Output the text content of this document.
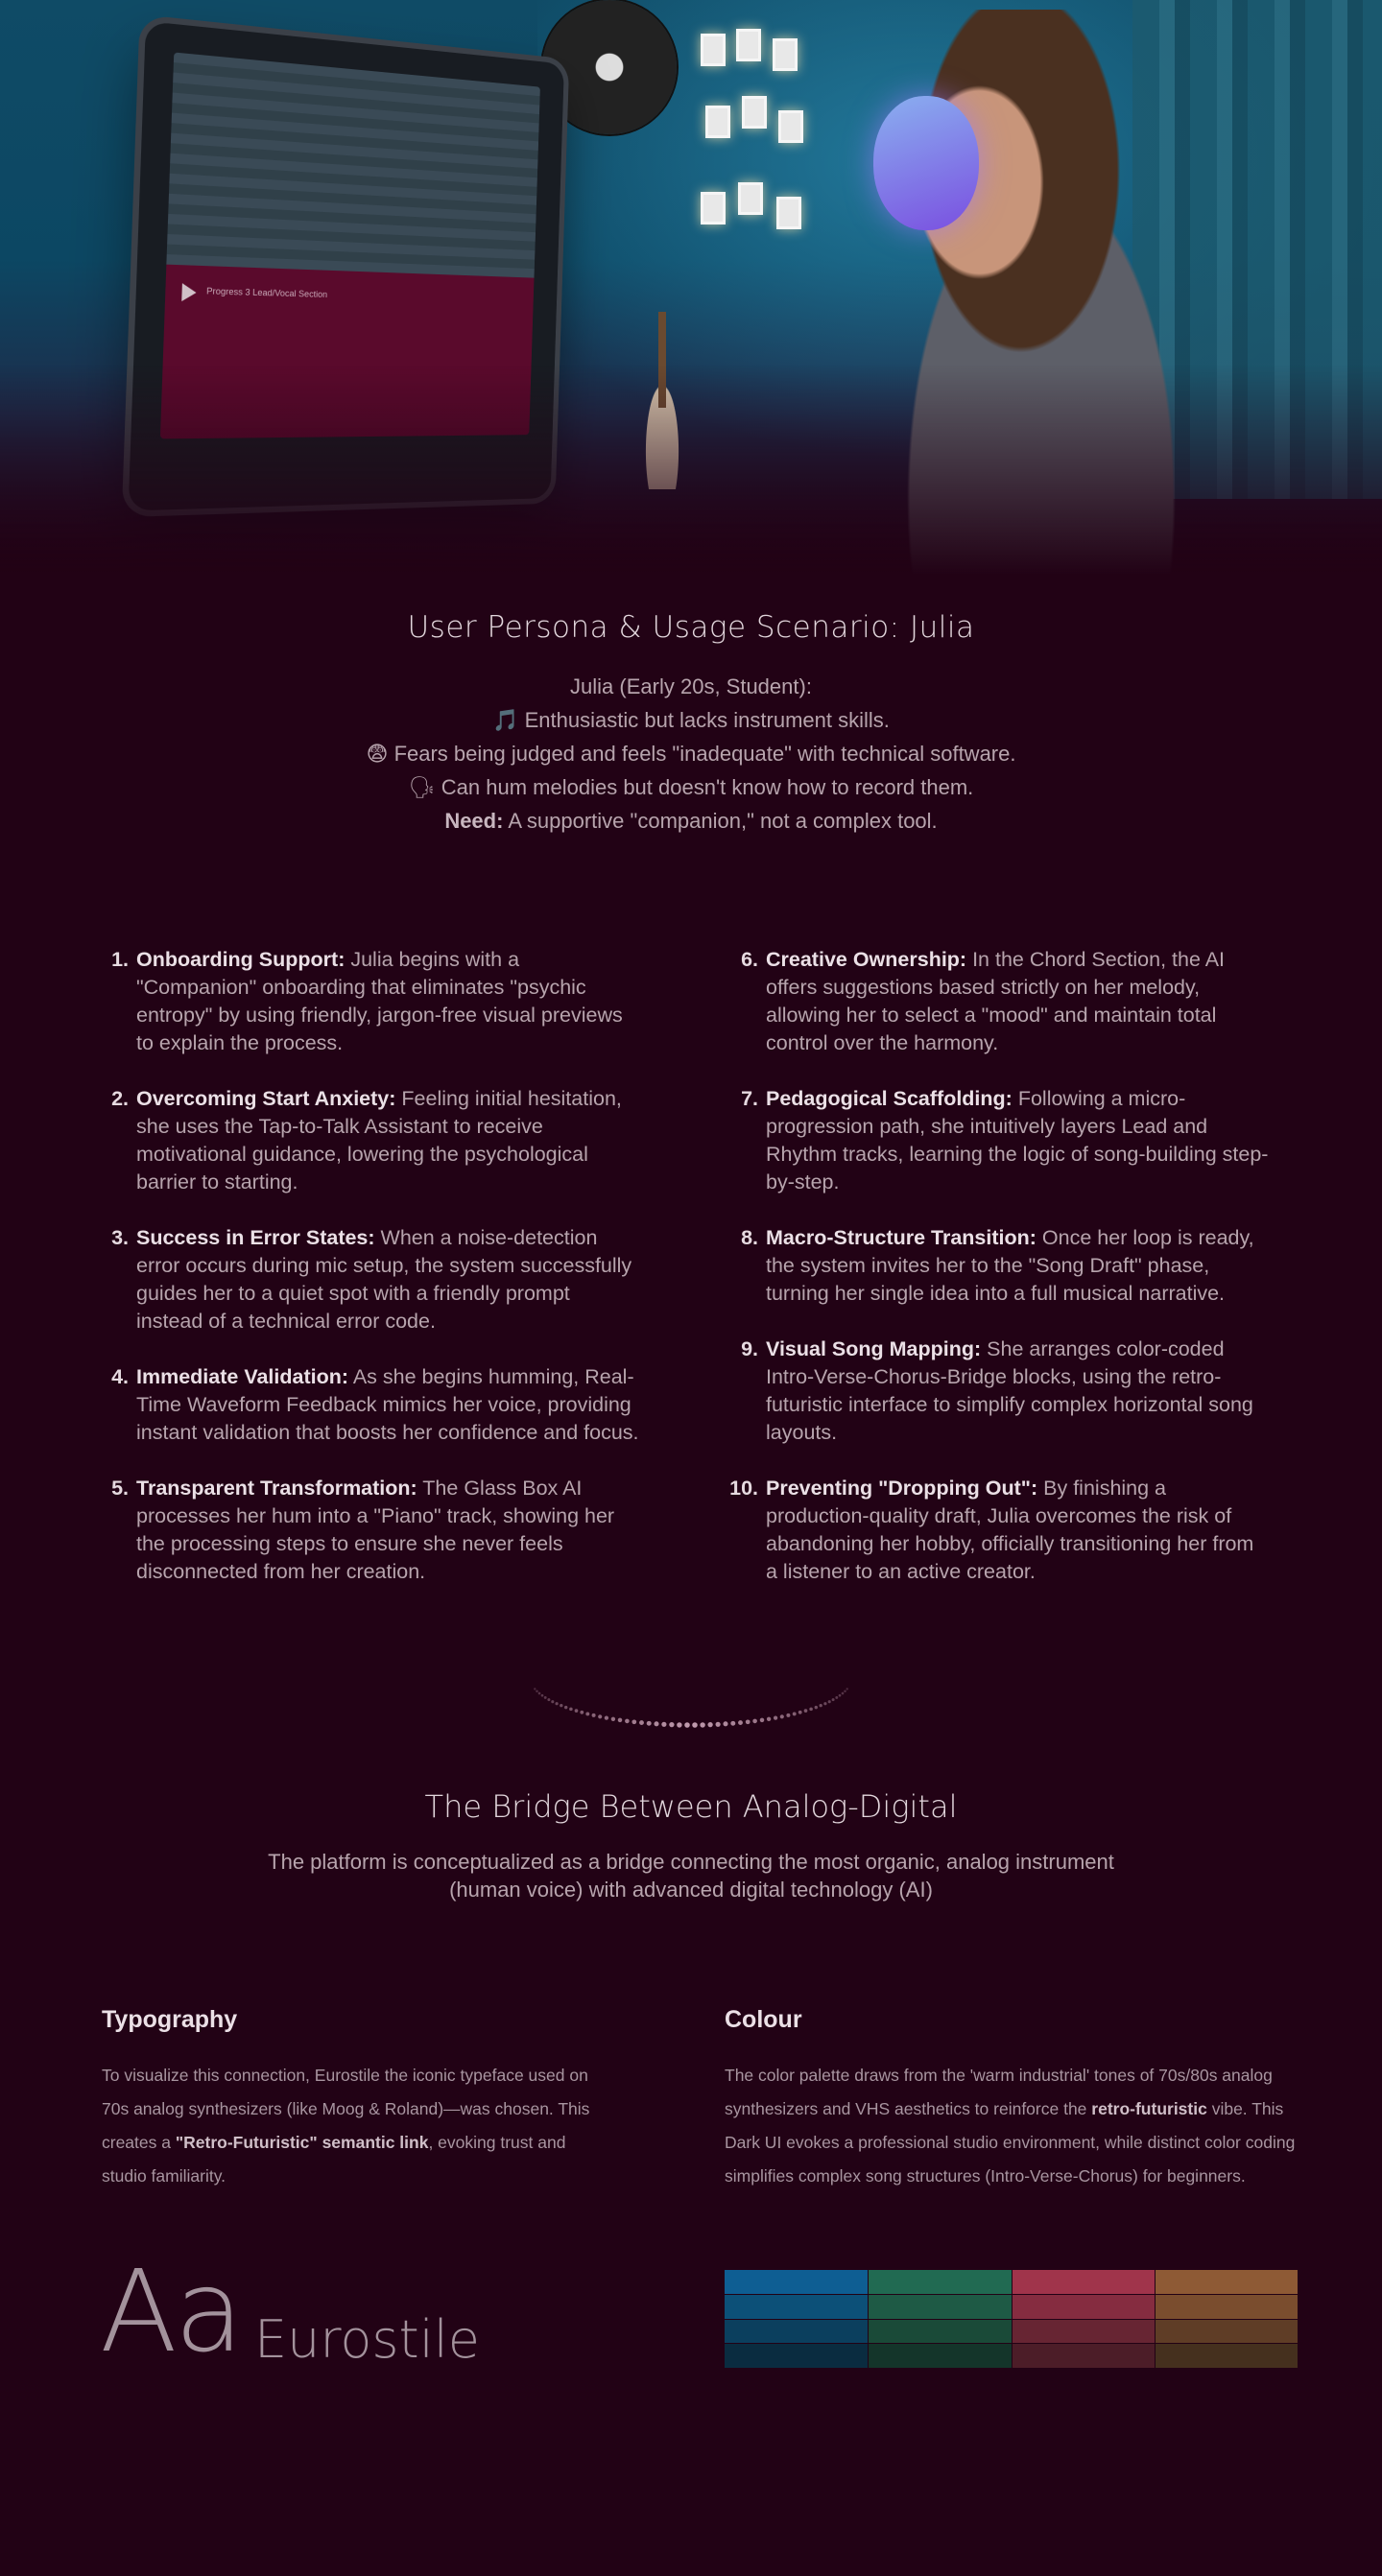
Progress 3 Lead/Vocal Section
User Persona & Usage Scenario: Julia
Julia (Early 20s, Student):
🎵 Enthusiastic but lacks instrument skills.
😨 Fears being judged and feels "inadequate" with technical software.
🗣 Can hum melodies but doesn't know how to record them.
Need: A supportive "companion," not a complex tool.
1. Onboarding Support: Julia begins with a "Companion" onboarding that eliminates "psychic entropy" by using friendly, jargon-free visual previews to explain the process.
2. Overcoming Start Anxiety: Feeling initial hesitation, she uses the Tap-to-Talk Assistant to receive motivational guidance, lowering the psychological barrier to starting.
3. Success in Error States: When a noise-detection error occurs during mic setup, the system successfully guides her to a quiet spot with a friendly prompt instead of a technical error code.
4. Immediate Validation: As she begins humming, Real-Time Waveform Feedback mimics her voice, providing instant validation that boosts her confidence and focus.
5. Transparent Transformation: The Glass Box AI processes her hum into a "Piano" track, showing her the processing steps to ensure she never feels disconnected from her creation.
6. Creative Ownership: In the Chord Section, the AI offers suggestions based strictly on her melody, allowing her to select a "mood" and maintain total control over the harmony.
7. Pedagogical Scaffolding: Following a micro-progression path, she intuitively layers Lead and Rhythm tracks, learning the logic of song-building step-by-step.
8. Macro-Structure Transition: Once her loop is ready, the system invites her to the "Song Draft" phase, turning her single idea into a full musical narrative.
9. Visual Song Mapping: She arranges color-coded Intro-Verse-Chorus-Bridge blocks, using the retro-futuristic interface to simplify complex horizontal song layouts.
10. Preventing "Dropping Out": By finishing a production-quality draft, Julia overcomes the risk of abandoning her hobby, officially transitioning her from a listener to an active creator.
The Bridge Between Analog-Digital

The platform is conceptualized as a bridge connecting the most organic, analog instrument (human voice) with advanced digital technology (AI)

Typography
To visualize this connection, Eurostile the iconic typeface used on 70s analog synthesizers (like Moog & Roland)—was chosen. This creates a "Retro-Futuristic" semantic link, evoking trust and studio familiarity.
Aa Eurostile
Colour
The color palette draws from the 'warm industrial' tones of 70s/80s analog synthesizers and VHS aesthetics to reinforce the retro-futuristic vibe. This Dark UI evokes a professional studio environment, while distinct color coding simplifies complex song structures (Intro-Verse-Chorus) for beginners.
